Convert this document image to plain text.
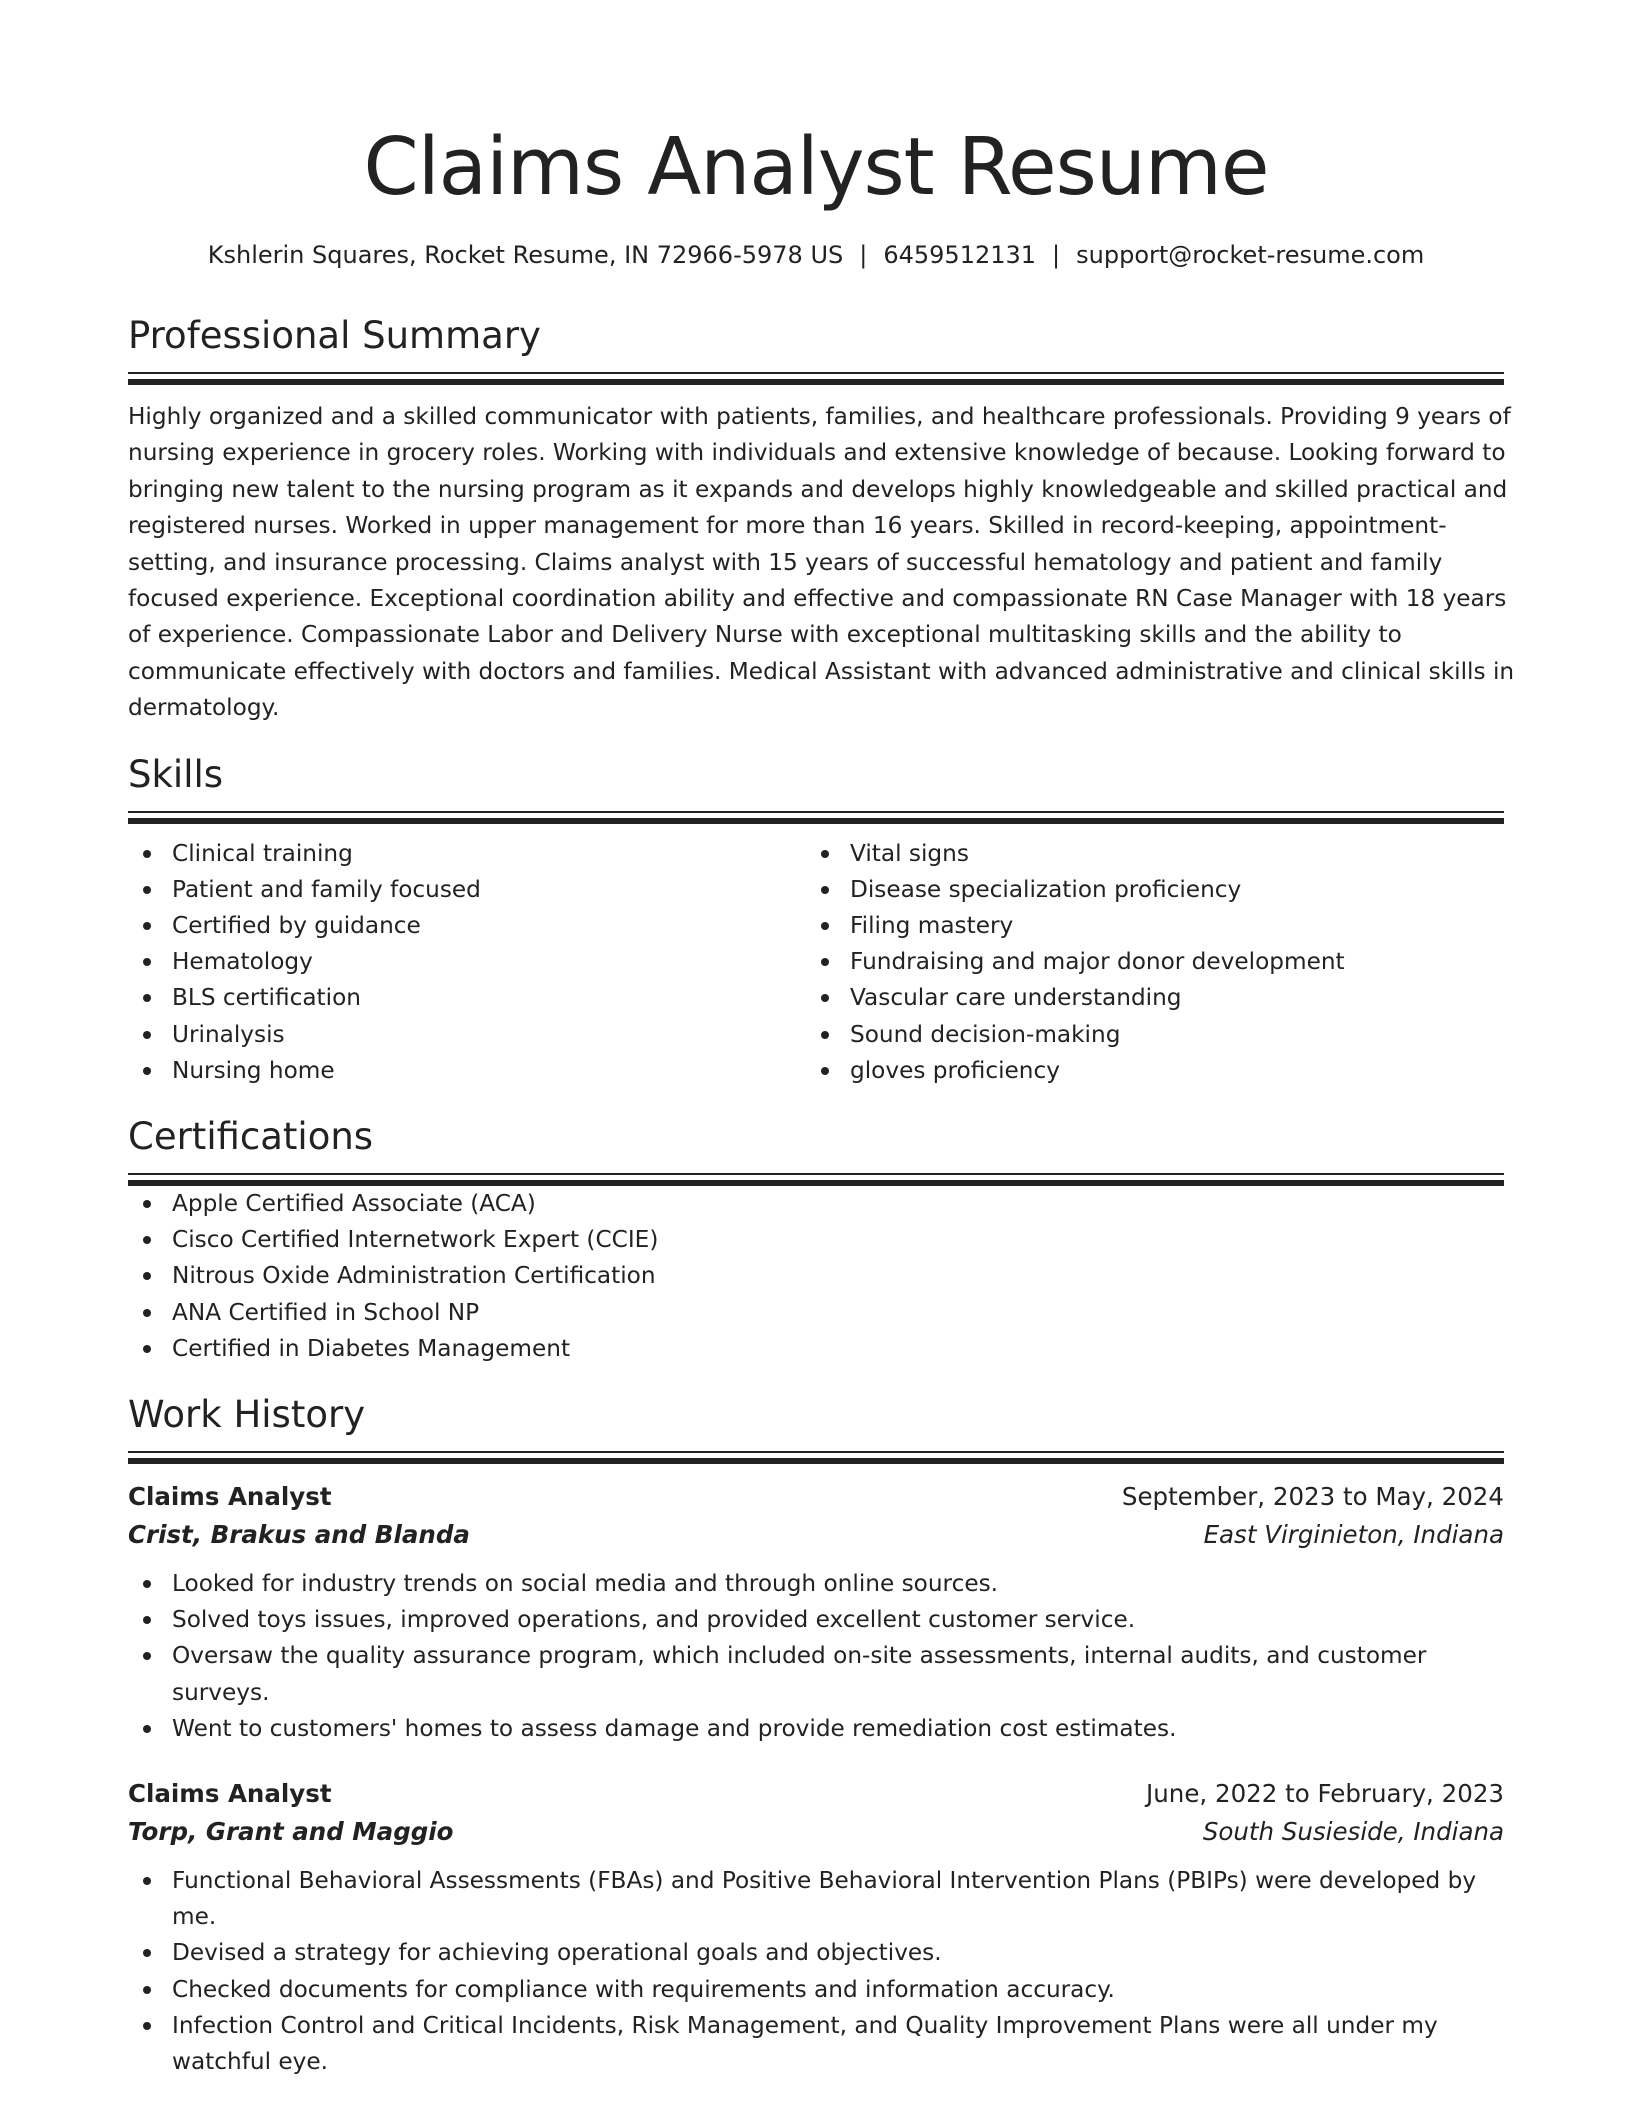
Claims Analyst Resume
Kshlerin Squares, Rocket Resume, IN 72966-5978 US | 6459512131 | support@rocket-resume.com
Professional Summary
Highly organized and a skilled communicator with patients, families, and healthcare professionals. Providing 9 years of
nursing experience in grocery roles. Working with individuals and extensive knowledge of because. Looking forward to
bringing new talent to the nursing program as it expands and develops highly knowledgeable and skilled practical and
registered nurses. Worked in upper management for more than 16 years. Skilled in record-keeping, appointment-
setting, and insurance processing. Claims analyst with 15 years of successful hematology and patient and family
focused experience. Exceptional coordination ability and effective and compassionate RN Case Manager with 18 years
of experience. Compassionate Labor and Delivery Nurse with exceptional multitasking skills and the ability to
communicate effectively with doctors and families. Medical Assistant with advanced administrative and clinical skills in
dermatology.
Skills
Clinical training
Patient and family focused
Certified by guidance
Hematology
BLS certification
Urinalysis
Nursing home
Vital signs
Disease specialization proficiency
Filing mastery
Fundraising and major donor development
Vascular care understanding
Sound decision-making
gloves proficiency
Certifications
Apple Certified Associate (ACA)
Cisco Certified Internetwork Expert (CCIE)
Nitrous Oxide Administration Certification
ANA Certified in School NP
Certified in Diabetes Management
Work History
Claims Analyst	September, 2023 to May, 2024
Crist, Brakus and Blanda	East Virginieton, Indiana
Looked for industry trends on social media and through online sources.
Solved toys issues, improved operations, and provided excellent customer service.
Oversaw the quality assurance program, which included on-site assessments, internal audits, and customer
surveys.
Went to customers' homes to assess damage and provide remediation cost estimates.
Claims Analyst	June, 2022 to February, 2023
Torp, Grant and Maggio	South Susieside, Indiana
Functional Behavioral Assessments (FBAs) and Positive Behavioral Intervention Plans (PBIPs) were developed by
me.
Devised a strategy for achieving operational goals and objectives.
Checked documents for compliance with requirements and information accuracy.
Infection Control and Critical Incidents, Risk Management, and Quality Improvement Plans were all under my
watchful eye.
